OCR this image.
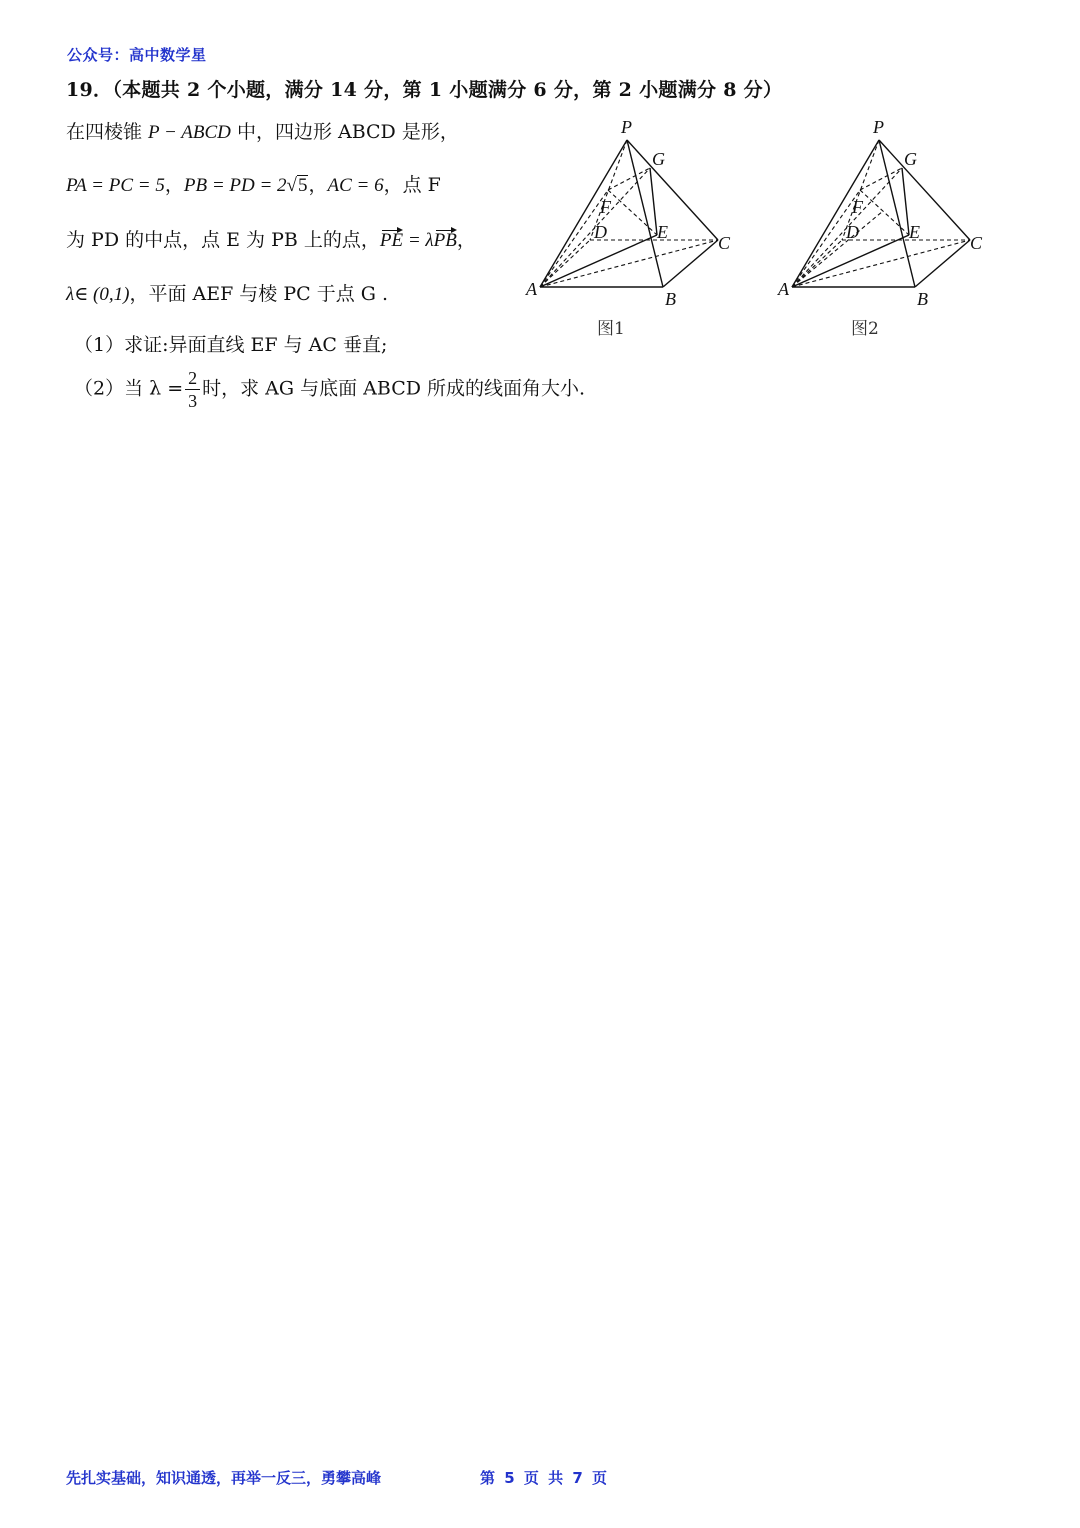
公众号：高中数学星
19．（本题共 2 个小题，满分 14 分，第 1 小题满分 6 分，第 2 小题满分 8 分）
在四棱锥 P − ABCD 中，四边形 ABCD 是形，
PA = PC = 5，PB = PD = 2√5，AC = 6，点 F
为 PD 的中点，点 E 为 PB 上的点，PE = λPB，
λ∈ (0,1)，平面 AEF 与棱 PC 于点 G .
（1）求证:异面直线 EF 与 AC 垂直;
（2）当 $\lambda = \frac{2}{3}$ 时，求 AG 与底面 ABCD 所成的线面角大小.
P
G
F
D	E
C
A	B
图1
P
G
F
D	E
C
A	B
图2
先扎实基础，知识通透，再举一反三，勇攀高峰	第 5 页 共 7 页
